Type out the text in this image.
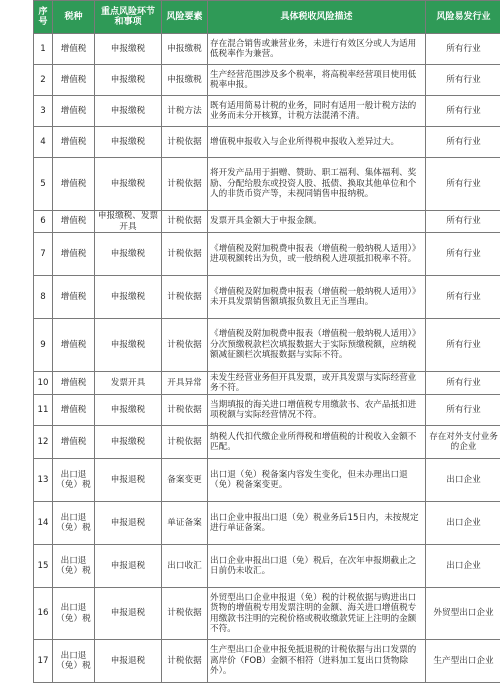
序号	税种	重点风险环节和事项	风险要素	具体税收风险描述	风险易发行业
1	增值税	申报缴税	申报缴税	存在混合销售或兼营业务，未进行有效区分或人为适用低税率作为兼营。	所有行业
2	增值税	申报缴税	申报缴税	生产经营范围涉及多个税率，将高税率经营项目使用低税率申报。	所有行业
3	增值税	申报缴税	计税方法	既有适用简易计税的业务，同时有适用一般计税方法的业务而未分开核算，计税方法混淆不清。	所有行业
4	增值税	申报缴税	计税依据	增值税申报收入与企业所得税申报收入差异过大。	所有行业
5	增值税	申报缴税	计税依据	将开发产品用于捐赠、赞助、职工福利、集体福利、奖励、分配给股东或投资人股、抵债、换取其他单位和个人的非货币资产等，未视同销售申报纳税。	所有行业
6	增值税	申报缴税、发票开具	计税依据	发票开具金额大于申报金额。	所有行业
7	增值税	申报缴税	计税依据	《增值税及附加税费申报表（增值税一般纳税人适用）》进项税额转出为负，或一般纳税人进项抵扣税率不符。	所有行业
8	增值税	申报缴税	计税依据	《增值税及附加税费申报表（增值税一般纳税人适用）》未开具发票销售额填报负数且无正当理由。	所有行业
9	增值税	申报缴税	计税依据	《增值税及附加税费申报表（增值税一般纳税人适用）》分次预缴税款栏次填报数据大于实际预缴税额，应纳税额减征额栏次填报数据与实际不符。	所有行业
10	增值税	发票开具	开具异常	未发生经营业务但开具发票，或开具发票与实际经营业务不符。	所有行业
11	增值税	申报缴税	计税依据	当期填报的海关进口增值税专用缴款书、农产品抵扣进项税额与实际经营情况不符。	所有行业
12	增值税	申报缴税	计税依据	纳税人代扣代缴企业所得税和增值税的计税收入金额不匹配。	存在对外支付业务的企业
13	出口退（免）税	申报退税	备案变更	出口退（免）税备案内容发生变化，但未办理出口退（免）税备案变更。	出口企业
14	出口退（免）税	申报退税	单证备案	出口企业申报出口退（免）税业务后15日内，未按规定进行单证备案。	出口企业
15	出口退（免）税	申报退税	出口收汇	出口企业申报出口退（免）税后，在次年申报期截止之日前仍未收汇。	出口企业
16	出口退（免）税	申报退税	计税依据	外贸型出口企业申报退（免）税的计税依据与购进出口货物的增值税专用发票注明的金额、海关进口增值税专用缴款书注明的完税价格或税收缴款凭证上注明的金额不符。	外贸型出口企业
17	出口退（免）税	申报退税	计税依据	生产型出口企业申报免抵退税的计税依据与出口发票的离岸价（FOB）金额不相符（进料加工复出口货物除外）。	生产型出口企业
